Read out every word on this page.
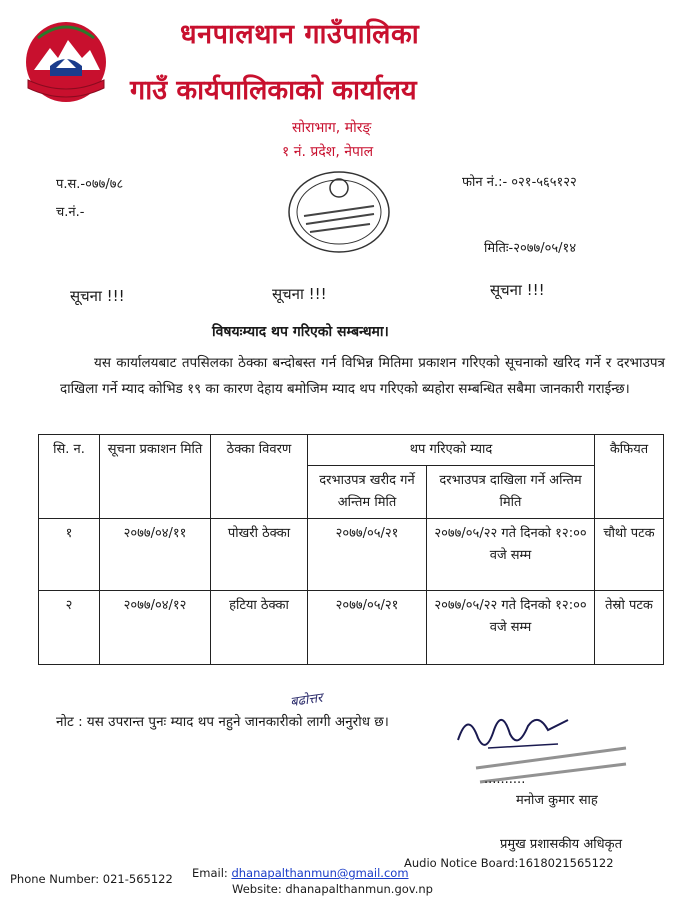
धनपालथान गाउँपालिका
गाउँ कार्यपालिकाको कार्यालय
सोराभाग, मोरङ्
१ नं. प्रदेश, नेपाल
प.स.-०७७/७८
च.नं.-
फोन नं.:- ०२१-५६५१२२
मितिः-२०७७/०५/१४
सूचना !!!	सूचना !!!	सूचना !!!
विषयःम्याद थप गरिएको सम्बन्धमा।
यस कार्यालयबाट तपसिलका ठेक्का बन्दोबस्त गर्न विभिन्न मितिमा प्रकाशन गरिएको सूचनाको खरिद गर्ने र दरभाउपत्र दाखिला गर्ने म्याद कोभिड १९ का कारण देहाय बमोजिम म्याद थप गरिएको ब्यहोरा सम्बन्धित सबैमा जानकारी गराईन्छ।
सि. न.	सूचना प्रकाशन मिति	ठेक्का विवरण	थप गरिएको म्याद		कैफियत
			दरभाउपत्र खरीद गर्ने अन्तिम मिति	दरभाउपत्र दाखिला गर्ने अन्तिम मिति	
१	२०७७/०४/११	पोखरी ठेक्का	२०७७/०५/२१	२०७७/०५/२२ गते दिनको १२:०० वजे सम्म	चौथो पटक
२	२०७७/०४/१२	हटिया ठेक्का	२०७७/०५/२१	२०७७/०५/२२ गते दिनको १२:०० वजे सम्म	तेस्रो पटक
बढोत्तर
नोट : यस उपरान्त पुनः म्याद थप नहुने जानकारीको लागी अनुरोध छ।
..........
मनोज कुमार साह
प्रमुख प्रशासकीय अधिकृत
Phone Number: 021-565122 Email: dhanapalthanmun@gmail.com
Audio Notice Board:1618021565122
Website: dhanapalthanmun.gov.np
